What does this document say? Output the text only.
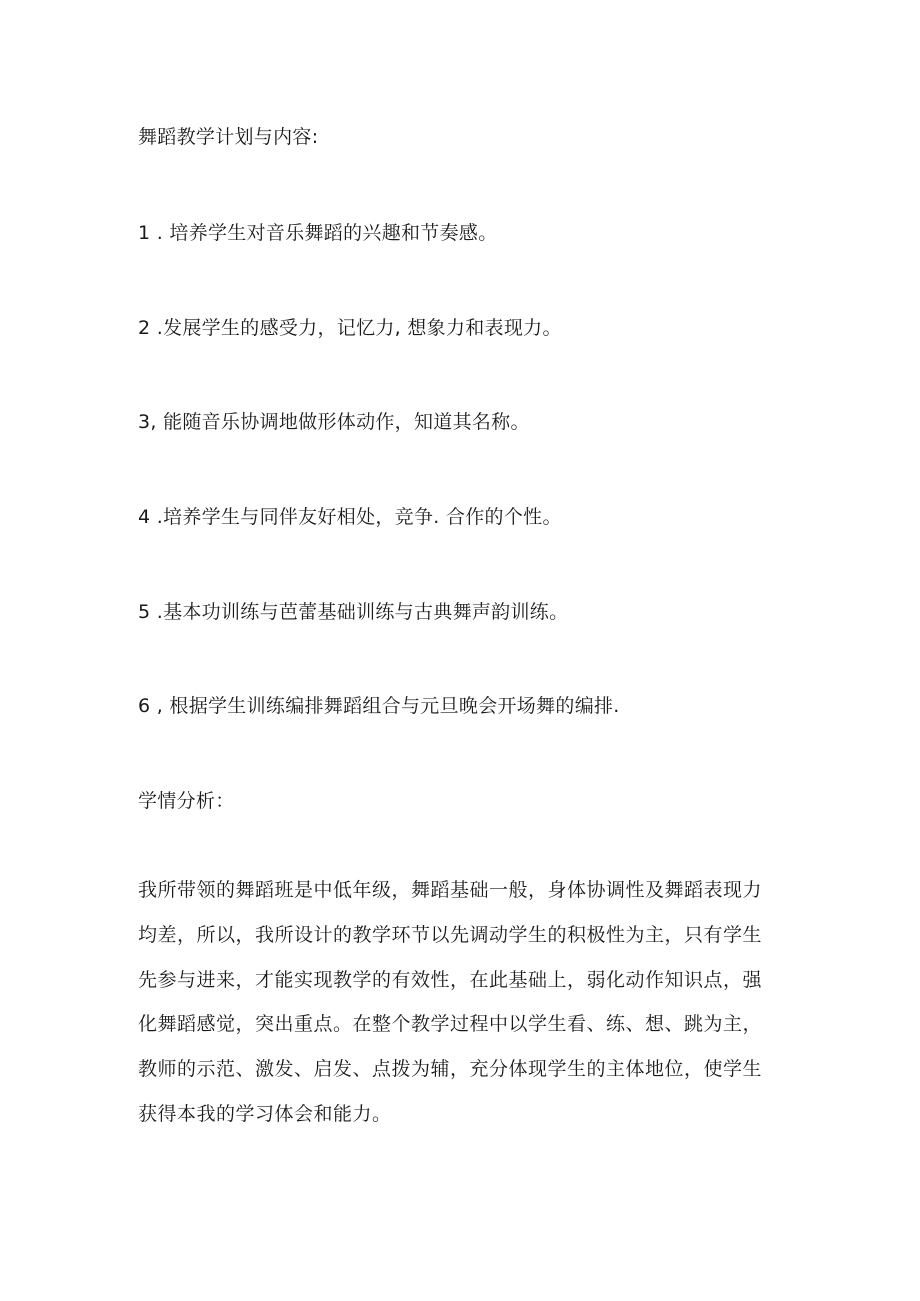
舞蹈教学计划与内容:
1 . 培养学生对音乐舞蹈的兴趣和节奏感。
2 .发展学生的感受力，记忆力, 想象力和表现力。
3, 能随音乐协调地做形体动作，知道其名称。
4 .培养学生与同伴友好相处，竞争. 合作的个性。
5 .基本功训练与芭蕾基础训练与古典舞声韵训练。
6 , 根据学生训练编排舞蹈组合与元旦晚会开场舞的编排.
学情分析：
我所带领的舞蹈班是中低年级，舞蹈基础一般，身体协调性及舞蹈表现力
均差，所以，我所设计的教学环节以先调动学生的积极性为主，只有学生
先参与进来，才能实现教学的有效性，在此基础上，弱化动作知识点，强
化舞蹈感觉，突出重点。在整个教学过程中以学生看、练、想、跳为主，
教师的示范、激发、启发、点拨为辅，充分体现学生的主体地位，使学生
获得本我的学习体会和能力。
